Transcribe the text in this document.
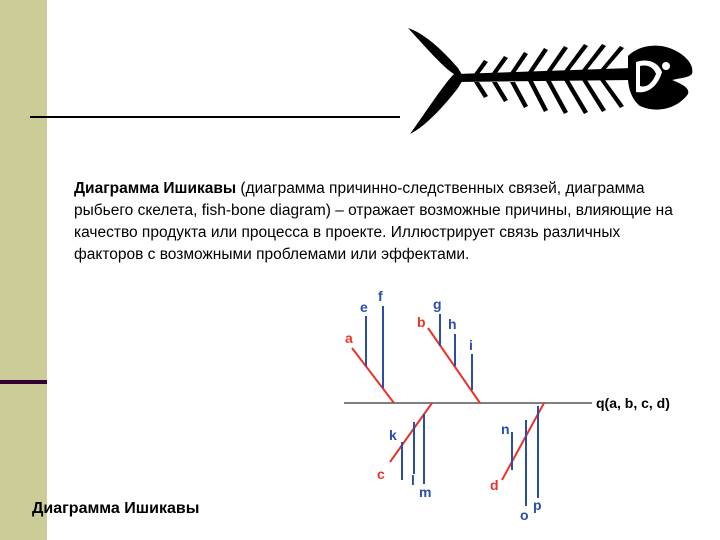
Диаграмма Ишикавы (диаграмма причинно-следственных связей, диаграмма рыбьего скелета, fish-bone diagram) – отражает возможные причины, влияющие на качество продукта или процесса в проекте. Иллюстрирует связь различных факторов с возможными проблемами или эффектами.
q(a, b, c, d)
a
e
f
b
g
h
i
c
k
l
m	d
n
o
p
Диаграмма Ишикавы
